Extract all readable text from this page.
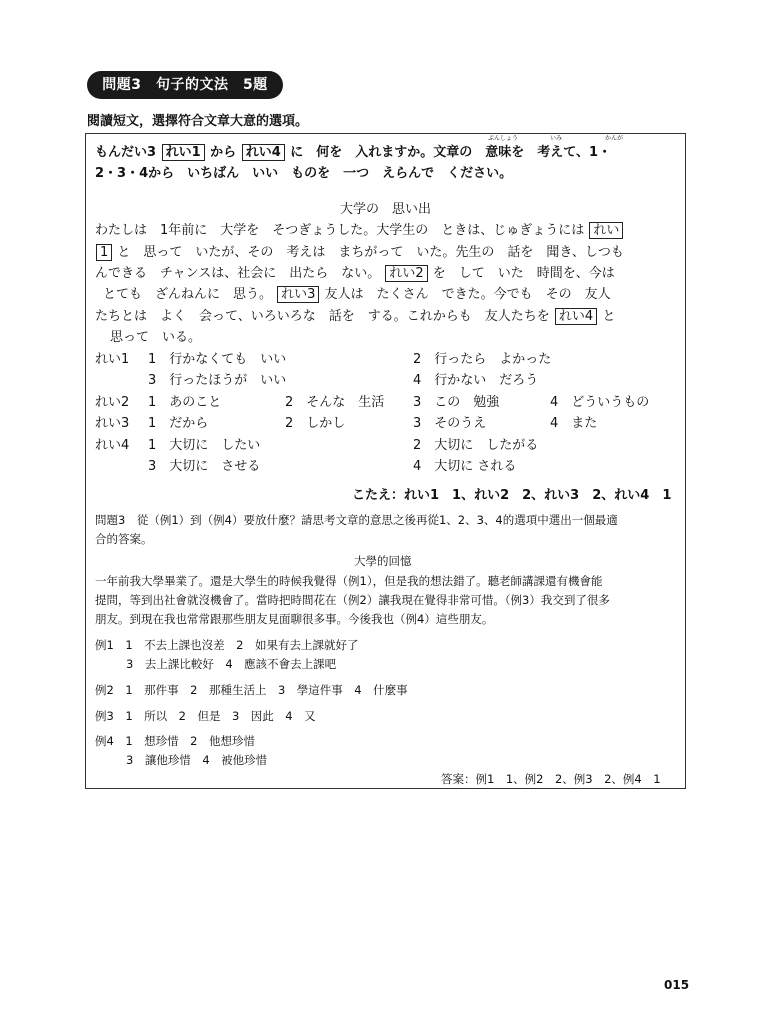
問題3　句子的文法　5題
閱讀短文，選擇符合文章大意的選項。
ぶんしょう	いみ	かんが
もんだい3 れい1 から れい4 に　何を　入れますか。文章の　意味を　考えて、1・
2・3・4から　いちばん　いい　ものを　一つ　えらんで　ください。
大学の　思い出
わたしは　1年前に　大学を　そつぎょうした。大学生の　ときは、じゅぎょうには れい
1 と　思って　いたが、その　考えは　まちがって　いた。先生の　話を　聞き、しつも
んできる　チャンスは、社会に　出たら　ない。 れい2 を　して　いた　時間を、今は
とても　ざんねんに　思う。 れい3 友人は　たくさん　できた。今でも　その　友人
たちとは　よく　会って、いろいろな　話を　する。これからも　友人たちを れい4 と
思って　いる。
れい1 1　行かなくても　いい	2　行ったら　よかった
3　行ったほうが　いい	4　行かない　だろう
れい2 1　あのこと	2　そんな　生活 3　この　勉強	4　どういうもの
れい3 1　だから	2　しかし	3　そのうえ	4　また
れい4 1　大切に　したい	2　大切に　したがる
3　大切に　させる	4　大切に される
こたえ：れい1　1、れい2　2、れい3　2、れい4　1
問題3　從（例1）到（例4）要放什麼？請思考文章的意思之後再從1、2、3、4的選項中選出一個最適
合的答案。
大學的回憶
一年前我大學畢業了。還是大學生的時候我覺得（例1），但是我的想法錯了。聽老師講課還有機會能
提問，等到出社會就沒機會了。當時把時間花在（例2）讓我現在覺得非常可惜。（例3）我交到了很多
朋友。到現在我也常常跟那些朋友見面聊很多事。今後我也（例4）這些朋友。
例1　1　不去上課也沒差　2　如果有去上課就好了
3　去上課比較好　4　應該不會去上課吧
例2　1　那件事　2　那種生活上　3　學這件事　4　什麼事
例3　1　所以　2　但是　3　因此　4　又
例4　1　想珍惜　2　他想珍惜
3　讓他珍惜　4　被他珍惜
答案：例1　1、例2　2、例3　2、例4　1
015
